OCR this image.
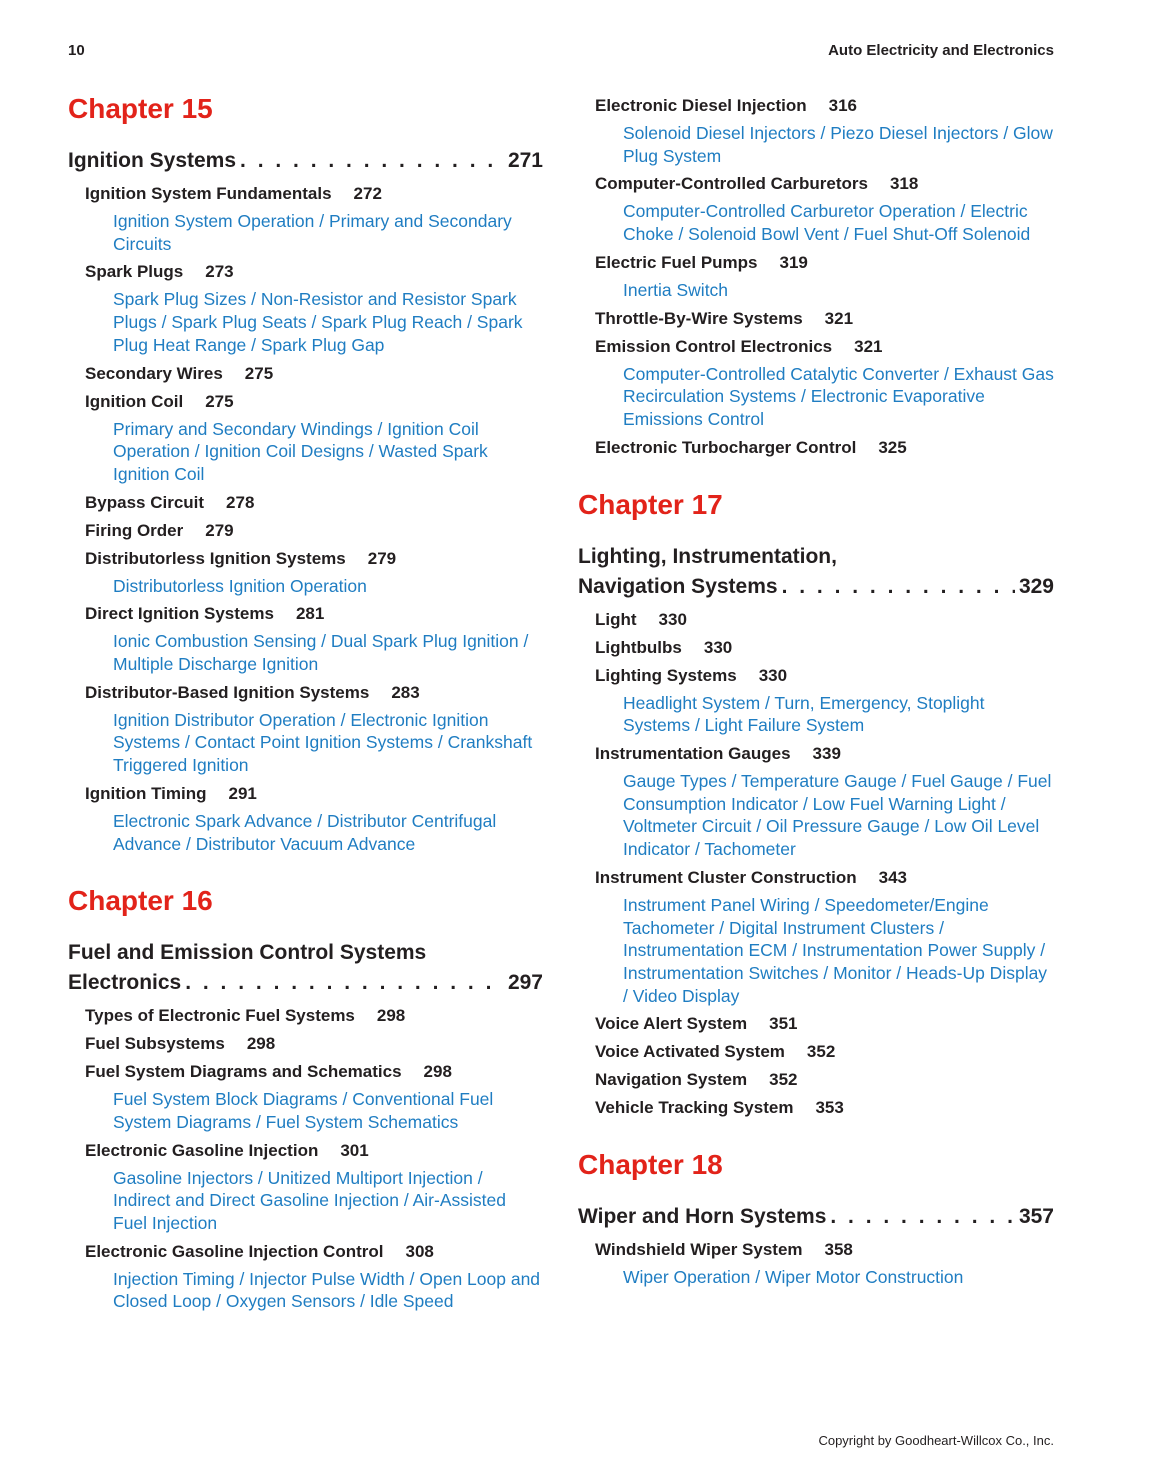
10	Auto Electricity and Electronics
Chapter 15
Ignition Systems . . .	271
Ignition System Fundamentals 272
Ignition System Operation / Primary and Secondary Circuits
Spark Plugs 273
Spark Plug Sizes / Non-Resistor and Resistor Spark Plugs / Spark Plug Seats / Spark Plug Reach / Spark Plug Heat Range / Spark Plug Gap
Secondary Wires 275
Ignition Coil 275
Primary and Secondary Windings / Ignition Coil Operation / Ignition Coil Designs / Wasted Spark Ignition Coil
Bypass Circuit 278
Firing Order 279
Distributorless Ignition Systems 279
Distributorless Ignition Operation
Direct Ignition Systems 281
Ionic Combustion Sensing / Dual Spark Plug Ignition / Multiple Discharge Ignition
Distributor-Based Ignition Systems 283
Ignition Distributor Operation / Electronic Ignition Systems / Contact Point Ignition Systems / Crankshaft Triggered Ignition
Ignition Timing 291
Electronic Spark Advance / Distributor Centrifugal Advance / Distributor Vacuum Advance
Chapter 16
Fuel and Emission Control Systems
Electronics . . .	297
Types of Electronic Fuel Systems 298
Fuel Subsystems 298
Fuel System Diagrams and Schematics 298
Fuel System Block Diagrams / Conventional Fuel System Diagrams / Fuel System Schematics
Electronic Gasoline Injection 301
Gasoline Injectors / Unitized Multiport Injection / Indirect and Direct Gasoline Injection / Air-Assisted Fuel Injection
Electronic Gasoline Injection Control 308
Injection Timing / Injector Pulse Width / Open Loop and Closed Loop / Oxygen Sensors / Idle Speed
Electronic Diesel Injection 316
Solenoid Diesel Injectors / Piezo Diesel Injectors / Glow Plug System
Computer-Controlled Carburetors 318
Computer-Controlled Carburetor Operation / Electric Choke / Solenoid Bowl Vent / Fuel Shut-Off Solenoid
Electric Fuel Pumps 319
Inertia Switch
Throttle-By-Wire Systems 321
Emission Control Electronics 321
Computer-Controlled Catalytic Converter / Exhaust Gas Recirculation Systems / Electronic Evaporative Emissions Control
Electronic Turbocharger Control 325
Chapter 17
Lighting, Instrumentation,
Navigation Systems . . .	329
Light 330
Lightbulbs 330
Lighting Systems 330
Headlight System / Turn, Emergency, Stoplight Systems / Light Failure System
Instrumentation Gauges 339
Gauge Types / Temperature Gauge / Fuel Gauge / Fuel Consumption Indicator / Low Fuel Warning Light / Voltmeter Circuit / Oil Pressure Gauge / Low Oil Level Indicator / Tachometer
Instrument Cluster Construction 343
Instrument Panel Wiring / Speedometer/Engine Tachometer / Digital Instrument Clusters / Instrumentation ECM / Instrumentation Power Supply / Instrumentation Switches / Monitor / Heads-Up Display / Video Display
Voice Alert System 351
Voice Activated System 352
Navigation System 352
Vehicle Tracking System 353
Chapter 18
Wiper and Horn Systems . . .	357
Windshield Wiper System 358
Wiper Operation / Wiper Motor Construction
Copyright by Goodheart-Willcox Co., Inc.
